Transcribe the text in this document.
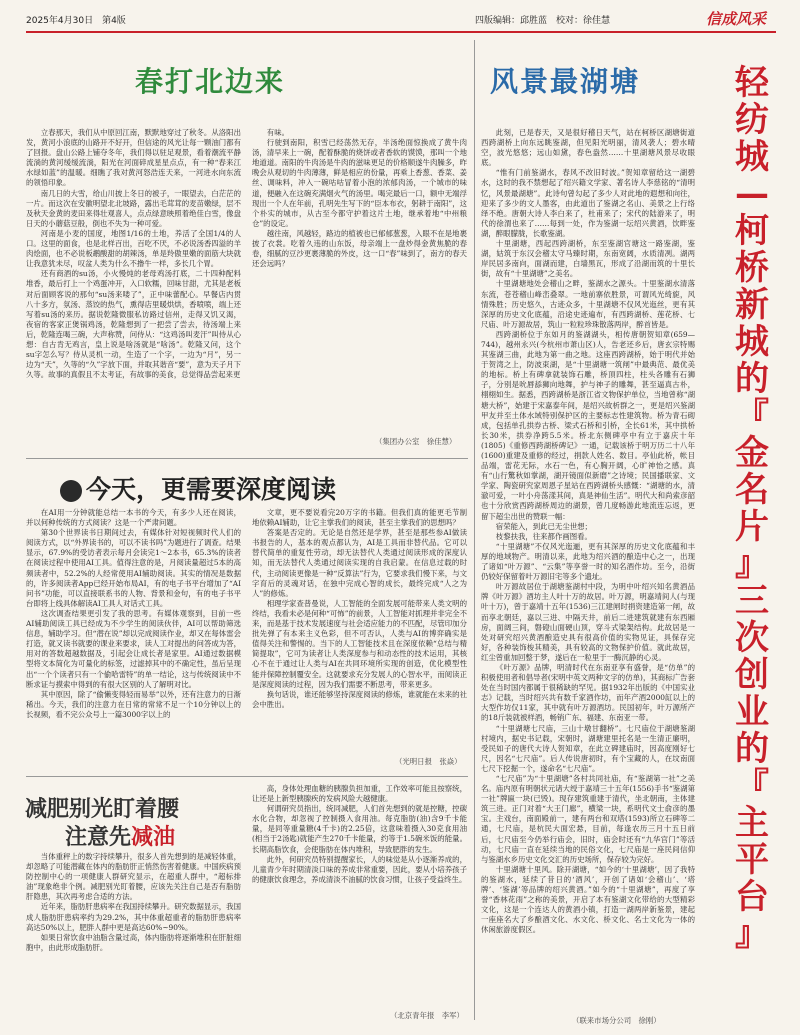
2025年4月30日　第4版	四版编辑：邱胜蓝　校对：徐佳慧	信成风采
春打北边来

立春那天，我们从中原回江南，默默地穿过了秋冬。从洛阳出发，黄河小浪底的山路开不好开，但信途的风光让每一颗油门都有了回报。盘山公路上铺夺冬年，我们得以驻足观景，看着潮流平静流淌的黄河缓缓流淌，阳光在河面碎成星星点点，有一种“春来江水绿如蓝”的温暖。细瞧了我对黄河怒浩连天来，一河进水向东流的领悟印象。

南几日的大雪，给山川披上冬日的被子，一眼望去，白茫茫的一片。而这次在安徽明望北北坡路，露出毛茸茸的麦苗嫩绿，层不及秋天金黄的麦田来得壮观喜人，点点绿意映照着绝佳白雪，像盘日天的小蘑菇豆般，倒也不失为一种可爱。

河南是小麦的国度，地图1/16的土地，养活了全国1/4的人口。这里的面食，也是北样百出，百吃不厌，不必说汤香四溢的羊肉烩面，也不必说板鹕酸甜的胡辣汤，单是羚傲里嫩的面筋大块就让我意犹未尽，叹盆人类为什么不撸牛一样，多长几个胃。

还有商酒的su汤，小火慢炖的老母鸡汤打底，二十四种配料堆香，最后打上一个鸡蛋冲开，入口软糯，回味甘甜，尤其是老板对后面顾客说的那句“su汤来喽了”，正中味蕾配心。早餐店内贯八十多方，氛汤、蒸饺的热气，熏得店里暖烘烘，香喷喷，端上还写着su汤的来历。据说乾隆微服私访路过信州，走得又饥又渴，夜宿的客家正煲锅鸡汤，乾隆想到了一把尝了尝去，待汤端上来后，乾隆连喝三碗，大声称赞，问侍从：“这鸡汤叫麦汗”叫侍从心想：自古肯无鸡言，皇上说是啥汤就是“啥汤”。乾隆又问，这个su字怎么写？侍从灵机一动，生造了一个字，一边为“月”，另一边为“天”，久等的“久”字放下面，并取其谐音“要”，意为天子月下久等。故事的真假且不太考证，有故事的美食，总觉得品尝起来更

有味。

行驶到南阳，积雪已经荡然无存，半汤绝面惊换成了黄牛肉汤，清早来上一碗，配着酥脆的烧饼或者香软的馍馍，那叫一个地地道道。南阳的牛肉汤是牛肉的滋味更足的价格顺遂牛肉臊多，昨晚会从观切的牛肉薄薄，鲜是相应的份量，再乘上香葱、香菜、姜丝、调味料，冲入一碗咕咕冒着小泡的浓郁肉汤，一个城市的味道，便融入在这碗充满烟火气的汤里。喝完最后一口，额中无端浮现出一个人在年前，孔明先生写下的“臣本布衣，躬耕于南阳”，这个朴实的城市，从古至今都守护着这片土地，继承着地“中州粮仓”的设定。

越往南，风越轻，路边的植被也已郁郁葱葱，入眼不在是地裹披了衣裳。吃着久违的山东饭，母亲端上一盘炒得金黄焦脆的春卷，细腻的豆沙更裹薄脆的外皮，这一口“春”味到了，南方的春天还会远吗？

（集团办公室　徐佳慧）
风景最湖塘

此刻，已是春天，又是很好稽日天气，站在柯桥区湖塘街道西跨湖桥上向东远眺鉴湖，但见阳光明丽，清风袭人；碧水晴空，波光悠悠；远山如黛，春色盎然……十里湖塘风景尽收眼底。

“惟有门前鉴湖水，春风不改旧时波。”贺知章留给这一湖碧水，这时的我不禁想起了绍兴籍文学家、著名诗人李慈铭的“清明忆，风景最湖塘”。此诗句曾勾起了多少人对此地的遐想和向往，迎来了多少的文人墨客，由此道出了鉴湖之名山、美景之上行络绎不绝。唐朝大诗人李白来了，杜甫来了；宋代的陆游来了，明代的徐渭也来了……每到一处，作为鉴湖一坛绍兴黄酒，饮畔鉴湖，醉眼朦胧，长歌鉴湖。

十里湖塘，西起西跨湖桥，东至鉴湖官塘这一路鉴湖，鉴湖，姑筑于东汉会稽太守马臻时期，东南宽阔，水质清冽。湖两岸民居多南向，面湖而建，白墙黑瓦，形成了沿湖而筑的十里长街，故有“十里湖塘”之美名。

十里湖塘地处会稽山之畔，鉴湖水之源头。十里鉴湖水清落东流，苍苍稽山峰峦叠翠。一地前寨依胜景，可谓风光绮旎，风情殊胜；历史悠久，古迹众多，十里湖塘不仅风光迤丝，更有其深厚的历史文化底蕴，沿途史迹遍布，有西跨湖桥、莲花桥、七尺庙、叶万源故居，筑山一粒粒珍珠散落两岸，醉首皆是。

西跨湖桥位于东如月的鉴湖湖头，相传唐朝贺知章(659—744)，越州永兴(今杭州市萧山区)人，告老还乡后，唐玄宗特赐其鉴湖三曲，此地为第一曲之地。这座西跨湖桥，始于明代并始于贺湾之上，防波束湖，是“十里湖塘一筑闸”中最典范、最优美的地标。桥上有碑拿就装饰石雕，桥頂四柱，柱头各雕有石狮子，分别是吮唇舔狮向地舞，护与神子的雕舞，甚至逼真古朴，栩栩如生。据悉，西跨湖桥是浙江省文物保护单位，当地曾称“湖塘大桥”，始建于宋嘉泰年间，是绍兴故析群之一，更是绍兴鉴湖甲友并至土体水域特别保护区的主要标志性建筑物。桥为青石砌成，包括单孔拱券古桥、梁式石桥和引桥，全长61米，其中拱桥长30米，拱券净跨5.5米。桥北东侧碑亭中有立于嘉庆十年(1805)《重修西跨湖桥碑记》一通，记载该桥于明万历二十八年(1600)重建及重修的经过，捐款人姓名、数目。亭仙此桥，帐目品端，雷花无际，水石一色，有心胸开阔，心旷神怡之感。真有“山行驚秋如掌湖，湖开镜面似新磨”之诗境；民国播联家、文学家、陶瓷研究家周恩子星站在西跨湖桥头感慨：“湖塘的水，清澈可爱，一叶小舟荡漾其间，真是神仙生活”。明代大和尚索彦韶也十分欣赏西跨湖桥周边的湖景，曾几度畅游此地流连忘返，更留下超尘出世的赞联一幅：

宿荣能入，到此已无尘世想；

枝黎扶我，往来都作画图看。

“十里湖塘”不仅风光迤逦，更有其深厚的历史文化底蕴和丰厚的地域物产。明清以来，此地为绍兴酒的酿造中心之一，出现了诸如“叶万源”、“云集”等享誉一时的知名酒作坊。至今，沿街仍较好保留着叶万源旧宅等多个遗址。

叶万源故居位于湖塘鉴湖村中段，为明中叶绍兴知名黄酒品牌《叶万源》酒坊主人叶十万的故居。叶万源，明嘉靖间人(与现叶十万)，曾于嘉靖十五年(1536)三江建闸时捐资建造第一闸，故而享北朝廷，嘉以三进、中隔天井，前后二进建筑就建有东西厢房，面阔三间，磐磴山面硬山顶，穿斗式梁架结构。此故居是一处对研究绍兴黄酒酿造史具有很高价值的实物见证，具保存完好，各种装饰梭其精美，具有较高的文物保护价值。就此故居，红尘曾重加回整于梦，遂后在一粒里于一酶沉静的心灵。

《叶万源》品牌，明清时代在东南亚享有盛誉，是“仿单”的积极使用者和倡导者(宋明中英文两种文字的仿单)，其商标广告套处在当时国内都属于很稀缺的罕见。据1932年出版的《中国实业志》记载，当时绍兴共有数千家酒作坊，而年产酒2000缸以上的大型作坊仅11家，其中就有叶万源酒坊。民国初年，叶万源所产的18斤装就被样酒，畅销广东、福建、东南亚一带。

“十里湖塘七尺庙，三山十墩甘翻桥”。七尺庙位于湖塘鉴湖村境内，据史书记载，宋朝时，湖塘建里托名是一生清正廉明，受民如子的唐代大诗人贺知章，在此立碑建庙时，因高度刚好七尺，因名“七尺庙”。后人传说唐初时，有个宝藏的人，在坟南面七尺下挖掘一个，遂命名“七尺庙”。

“七尺庙”为“十里湖塘”各村共同社庙，有“鉴湖第一社”之美名。庙内原有明朝状元诸大绶于嘉靖三十五年(1556)手书“鉴湖第一社”牌匾一块(已毁)。现存建筑重建于清代，坐北朝南，主体建筑三进。正门对着“大王门廊”，横梁一块，系明代文士俞彦的墨宝。主戏台，南面殿前一，建有两台和双塔(1593)所立石碑等二通，七尺庙，是杭民大面宏悬，目前，每逢农历三月十五日前后，七尺庙至今仍举行庙会，旧时，庙会时还有“九华宫门”等活动，七尺庙一直在延续当地的民俗文化，七尺庙是一座民间信仰与鉴湖水乡历史文化交汇的历史场所，保存较为完好。

十里湖塘十里风。除开湖塘，“如今的‘十里湖塘’，因了我特的鉴湖水，延续了昔日的‘酒风’，开创了诸如‘会稽山’、‘塔牌’、‘鉴湖’等品牌的绍兴黄酒。”如今的“十里湖塘”，再度了享誉“香林花雨”之称的美景，开启了本有鉴湖文化带给的大型精彩文化，这是一个连达人的黄酒小镇，打造一湖两岸新鉴景，建起一座座名大了乡酿酒文化、水文化、桥文化、名士文化为一体的休闲旅游度假区。

今天，更需要深度阅读

在AI用一分钟就能总结一本书的今天，有多少人还在阅读，并以何种传统的方式阅读？这是一个严肃问题。

第30个世界读书日期间过去，有媒体针对短视频时代人们的阅读方式，以“外界读书的，可以不读书吗”为题进行了调查。结果显示，67.9%的受访者表示每月会读完1～2本书，65.3%的读者在阅读过程中使用AI工具。值得注意的是，月阅读量超过5本的高频读者中，52.2%的人经常使用AI辅助阅读。其实的情况是数据的，许多阅读者App已经开始布局AI，有的电子书平台增加了“AI问书”功能，可以直接联系书的人物、背景和金句，有的电子书平台即将上线具体解读AI工具人对话式工具。

这次调查结果更引发了我的思考。有媒体观察到，目前一些AI辅助阅读工具已经成为不少学生的阅读伙伴，AI可以帮助筛选信息，辅助学习。但“潜在说”却以完成阅读作业，却又在每体雷会打造，就又读书就要的课业来要求，读人工对提出的问答成为答，用对的答数超越数据及，引起会让成长者是家里。AI通过数据模型将文本简化为可量化的标签，过滤掉其中的不确定性，虽后呈现出“一个个读者只有一个偷哈雷特”的单一结论，这与传统阅读中不断求证与摸索中得到的有很大区别的人了解明对比。

其中原因，除了“偷懒变得轻而易举”以外，还有注意力的日渐稀出。今天，我们的注意力在日常的常常不足一个10分钟以上的长视频，看不完公众号上一篇3000字以上的

文章，更不要说看完20万字的书籍。但我们真的能更毛节制地依赖AI辅助，让它主掌我们的阅读，甚至主掌我们的思想吗？

答案是否定的。无论是自然还是学界，甚至是那些参AI做读书报告的人，基本的观点都认为，AI是工具而非替代品。它可以替代简单的重复性劳动，却无法替代人类通过阅读形成的深度认知，而无法替代人类通过阅读实现的自我启蒙。在信息过载的时代，主动阅读更像是一种“反算法”行为，它要求我们慢下来，与文字育后的灵魂对话，在独中完成心智的成长，最终完成“人之为人”的修炼。

相理学家查普曼说，人工智能的全面发展可能带来人类文明的终结，我看未必是何种“可怖”的前景，人工智能对抓理并非完全不来，而是基于技术发展速度与社会适应能力的不匹配，尽管印加分批先弹了有本来主义色彩，但不可否认，人类与AI的博弈确实是值得关注和警惕的。当下的人工智能技术且在深度依赖“总结与精简提取”，它可为读者让人类深度参与和动态性的技术运用，其核心不在于通过让人类与AI在共同环境所实现的创造，优化模型性能并保障控制覆安全。这就要求充分发展人的心智水平，而阅读正是深度阅读的过程，因为我们需要不断思考，带来更多。

换句话说，谁还能够坚持深度阅读的修炼，谁就能在未来的社会中胜出。

（光明日报　张焱）
减肥别光盯着腰
注意先减油

当体重秤上的数字持续攀升，很多人首先想到的是减轻体重，却忽略了可能潜藏在体内的脂肪肝正悄然伤害着健康。中国疾病预防控制中心的一项健康人群研究显示，在超重人群中，“超标排油”现象绝非个例。减肥别光盯着腰，应该先关注自己是否有脂肪肝隐患，其次再考虑合适的方法。

近年来，脂肪肝患病率在我国持续攀升。研究数据显示，我国成人脂肪肝患病率约为29.2%，其中体重超重者的脂肪肝患病率高达50%以上，肥胖人群中更是高达60%~90%。

如果日常饮食中油脂含量过高，体内脂肪将逐渐堆积在肝脏细胞中，由此形成脂肪肝。

高，身体处理血糖的胰腺负担加重，工作效率可能且按察统，让还是上新型胰腺疾的发病风险大越健康。

何谓研究员指出，统同减肥，人们首先想到的就是控糖，控碳水化合物，却忽视了控制摄入食用油。每克脂肪(油)含9千卡能量，是同等重量糖(4千卡)的2.25倍，这意味着摄入30克食用油(相当于2汤匙)就能产生270千卡能量，约等于1.5碗米饭的能量。长期高脂饮食，会使脂肪在体内堆积，导致肥胖的发生。

此外，何研究员特别提醒家长，人的味觉是从小逐渐养成的，儿童青少年时期清淡口味的养成非常重要，因此，要从小培养孩子的健康饮食理念，养成清淡不油腻的饮食习惯，让孩子受益终生。

（北京青年报　李军）
轻
纺
城
—
柯
桥
新
城
的
『
金
名
片
』
三
次
创
业
的
『
主
平
台
』
（联来市场分公司　徐刚）
